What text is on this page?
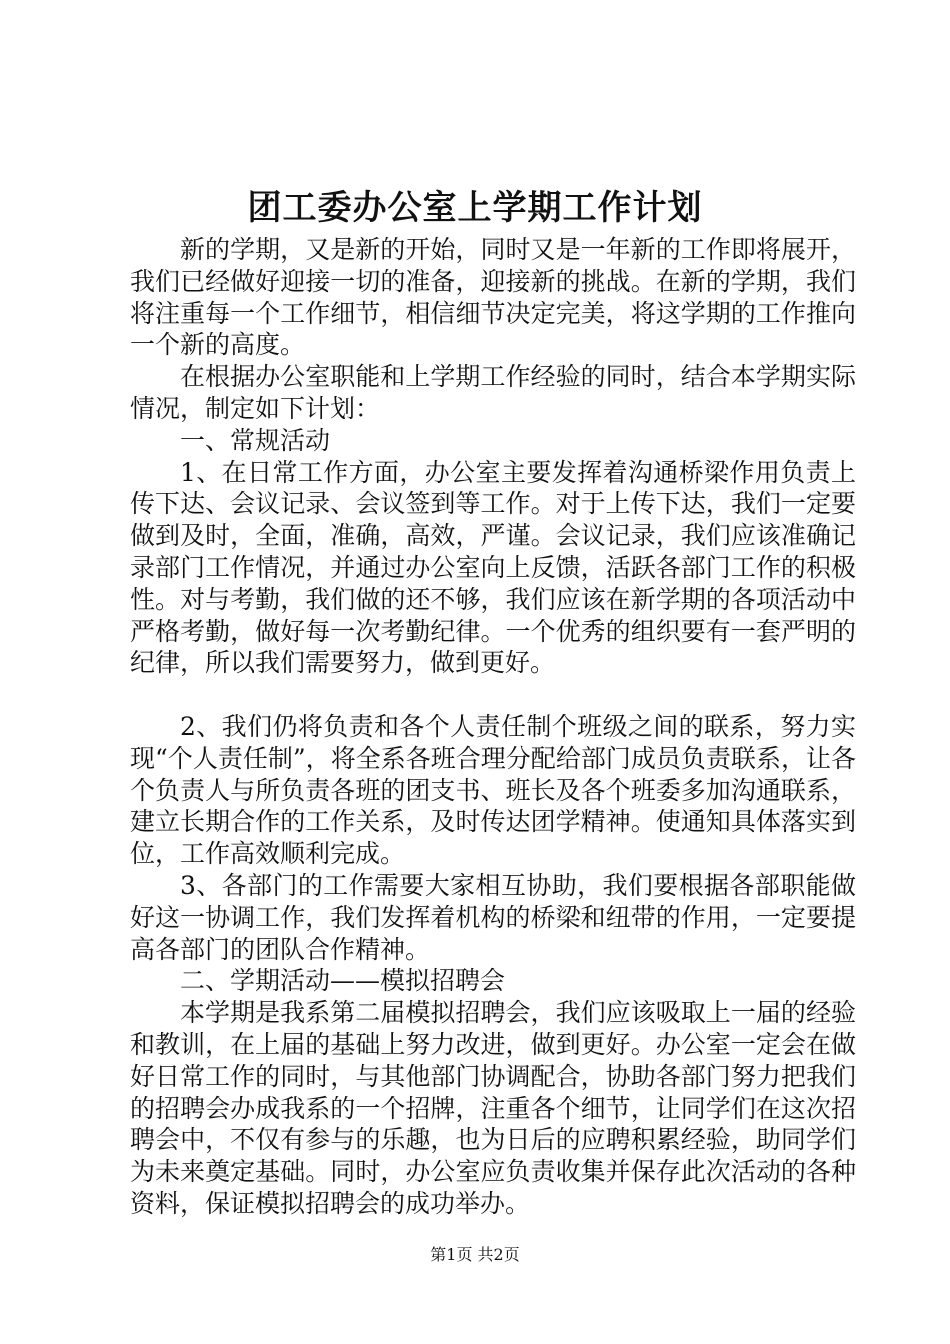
团工委办公室上学期工作计划

新的学期，又是新的开始，同时又是一年新的工作即将展开，我们已经做好迎接一切的准备，迎接新的挑战。在新的学期，我们将注重每一个工作细节，相信细节决定完美，将这学期的工作推向一个新的高度。

在根据办公室职能和上学期工作经验的同时，结合本学期实际情况，制定如下计划：

一、常规活动

1、在日常工作方面，办公室主要发挥着沟通桥梁作用负责上传下达、会议记录、会议签到等工作。对于上传下达，我们一定要做到及时，全面，准确，高效，严谨。会议记录，我们应该准确记录部门工作情况，并通过办公室向上反馈，活跃各部门工作的积极性。对与考勤，我们做的还不够，我们应该在新学期的各项活动中严格考勤，做好每一次考勤纪律。一个优秀的组织要有一套严明的纪律，所以我们需要努力，做到更好。

2、我们仍将负责和各个人责任制个班级之间的联系，努力实现“个人责任制”，将全系各班合理分配给部门成员负责联系，让各个负责人与所负责各班的团支书、班长及各个班委多加沟通联系，建立长期合作的工作关系，及时传达团学精神。使通知具体落实到位，工作高效顺利完成。

3、各部门的工作需要大家相互协助，我们要根据各部职能做好这一协调工作，我们发挥着机构的桥梁和纽带的作用，一定要提高各部门的团队合作精神。

二、学期活动——模拟招聘会

本学期是我系第二届模拟招聘会，我们应该吸取上一届的经验和教训，在上届的基础上努力改进，做到更好。办公室一定会在做好日常工作的同时，与其他部门协调配合，协助各部门努力把我们的招聘会办成我系的一个招牌，注重各个细节，让同学们在这次招聘会中，不仅有参与的乐趣，也为日后的应聘积累经验，助同学们为未来奠定基础。同时，办公室应负责收集并保存此次活动的各种资料，保证模拟招聘会的成功举办。

第1页 共2页
